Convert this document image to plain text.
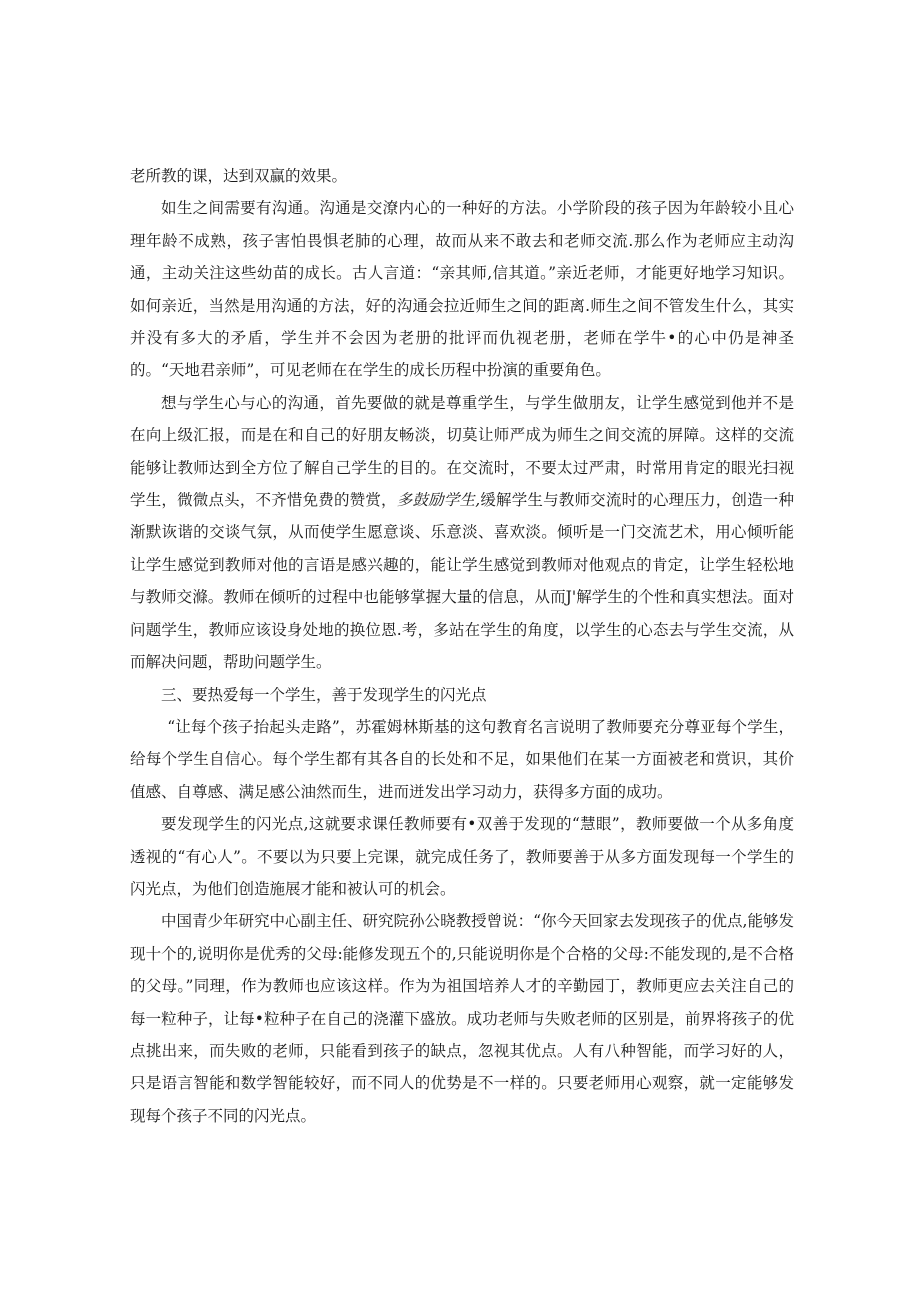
老所教的课，达到双赢的效果。

如生之间需要有沟通。沟通是交潦内心的一种好的方法。小学阶段的孩子因为年龄较小且心理年龄不成熟，孩子害怕畏惧老肺的心理，故而从来不敢去和老师交流.那么作为老师应主动沟通，主动关注这些幼苗的成长。古人言道：“亲其师,信其道。”亲近老师，才能更好地学习知识。如何亲近，当然是用沟通的方法，好的沟通会拉近师生之间的距离.师生之间不管发生什么，其实并没有多大的矛盾，学生并不会因为老册的批评而仇视老册，老师在学牛•的心中仍是神圣的。“天地君亲师”，可见老师在在学生的成长历程中扮演的重要角色。

想与学生心与心的沟通，首先要做的就是尊重学生，与学生做朋友，让学生感觉到他并不是在向上级汇报，而是在和自己的好朋友畅淡，切莫让师严成为师生之间交流的屏障。这样的交流能够让教师达到全方位了解自己学生的目的。在交流时，不要太过严肃，时常用肯定的眼光扫视学生，微微点头，不齐惜免费的赞赏，多鼓励学生,缓解学生与教师交流时的心理压力，创造一种渐默诙谐的交谈气氛，从而使学生愿意谈、乐意淡、喜欢淡。倾听是一门交流艺术，用心倾听能让学生感觉到教师对他的言语是感兴趣的，能让学生感觉到教师对他观点的肯定，让学生轻松地与教师交滌。教师在倾听的过程中也能够掌握大量的信息，从而J'解学生的个性和真实想法。面对问题学生，教师应该设身处地的换位恩.考，多站在学生的角度，以学生的心态去与学生交流，从而解决问题，帮助问题学生。

三、要热爱每一个学生，善于发现学生的闪光点

“让每个孩子抬起头走路”，苏霍姆林斯基的这句教育名言说明了教师要充分尊亚每个学生，给每个学生自信心。每个学生都有其各自的长处和不足，如果他们在某一方面被老和赏识，其价值感、自尊感、满足感公油然而生，进而迸发出学习动力，获得多方面的成功。

要发现学生的闪光点,这就要求课任教师要有•双善于发现的“慧眼”，教师要做一个从多角度透视的“有心人”。不要以为只要上完课，就完成任务了，教师要善于从多方面发现每一个学生的闪光点，为他们创造施展才能和被认可的机会。

中国青少年研究中心副主任、研究院孙公晓教授曾说：“你今天回家去发现孩子的优点,能够发现十个的,说明你是优秀的父母:能修发现五个的,只能说明你是个合格的父母:不能发现的,是不合格的父母。”同理，作为教师也应该这样。作为为祖国培养人才的辛勤园丁，教师更应去关注自己的每一粒种子，让每•粒种子在自己的浇灌下盛放。成功老师与失败老师的区别是，前界将孩子的优点挑出来，而失败的老师，只能看到孩子的缺点，忽视其优点。人有八种智能，而学习好的人，只是语言智能和数学智能较好，而不同人的优势是不一样的。只要老师用心观察，就一定能够发现每个孩子不同的闪光点。
